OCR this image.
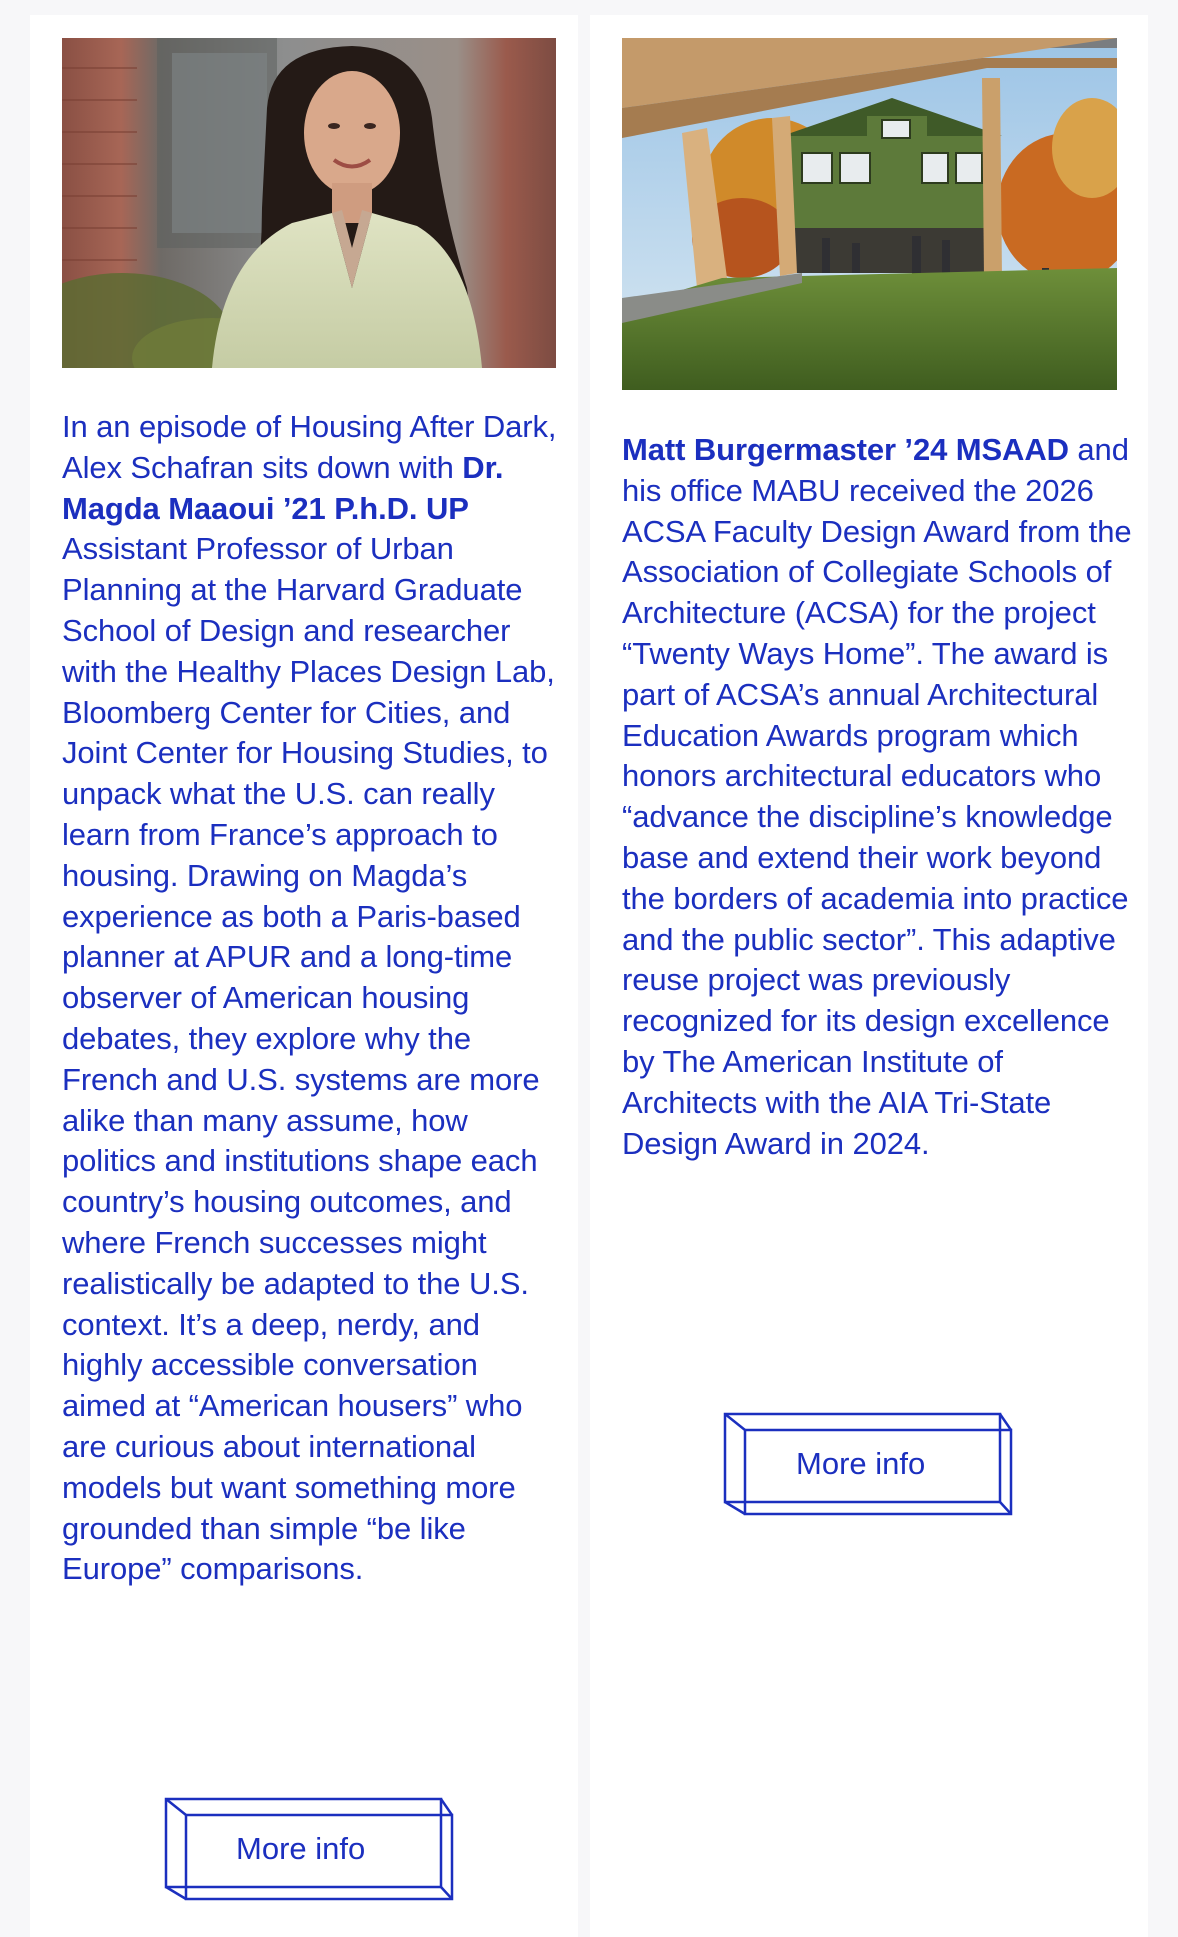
In an episode of Housing After Dark, Alex Schafran sits down with Dr. Magda Maaoui ’21 P.h.D. UP Assistant Professor of Urban Planning at the Harvard Graduate School of Design and researcher with the Healthy Places Design Lab, Bloomberg Center for Cities, and Joint Center for Housing Studies, to unpack what the U.S. can really learn from France’s approach to housing. Drawing on Magda’s experience as both a Paris-based planner at APUR and a long-time observer of American housing debates, they explore why the French and U.S. systems are more alike than many assume, how politics and institutions shape each country’s housing outcomes, and where French successes might realistically be adapted to the U.S. context. It’s a deep, nerdy, and highly accessible conversation aimed at “American housers” who are curious about international models but want something more grounded than simple “be like Europe” comparisons.
Matt Burgermaster ’24 MSAAD and his office MABU received the 2026 ACSA Faculty Design Award from the Association of Collegiate Schools of Architecture (ACSA) for the project “Twenty Ways Home”. The award is part of ACSA’s annual Architectural Education Awards program which honors architectural educators who “advance the discipline’s knowledge base and extend their work beyond the borders of academia into practice and the public sector”. This adaptive reuse project was previously recognized for its design excellence by The American Institute of Architects with the AIA Tri-State Design Award in 2024.
More info
More info
